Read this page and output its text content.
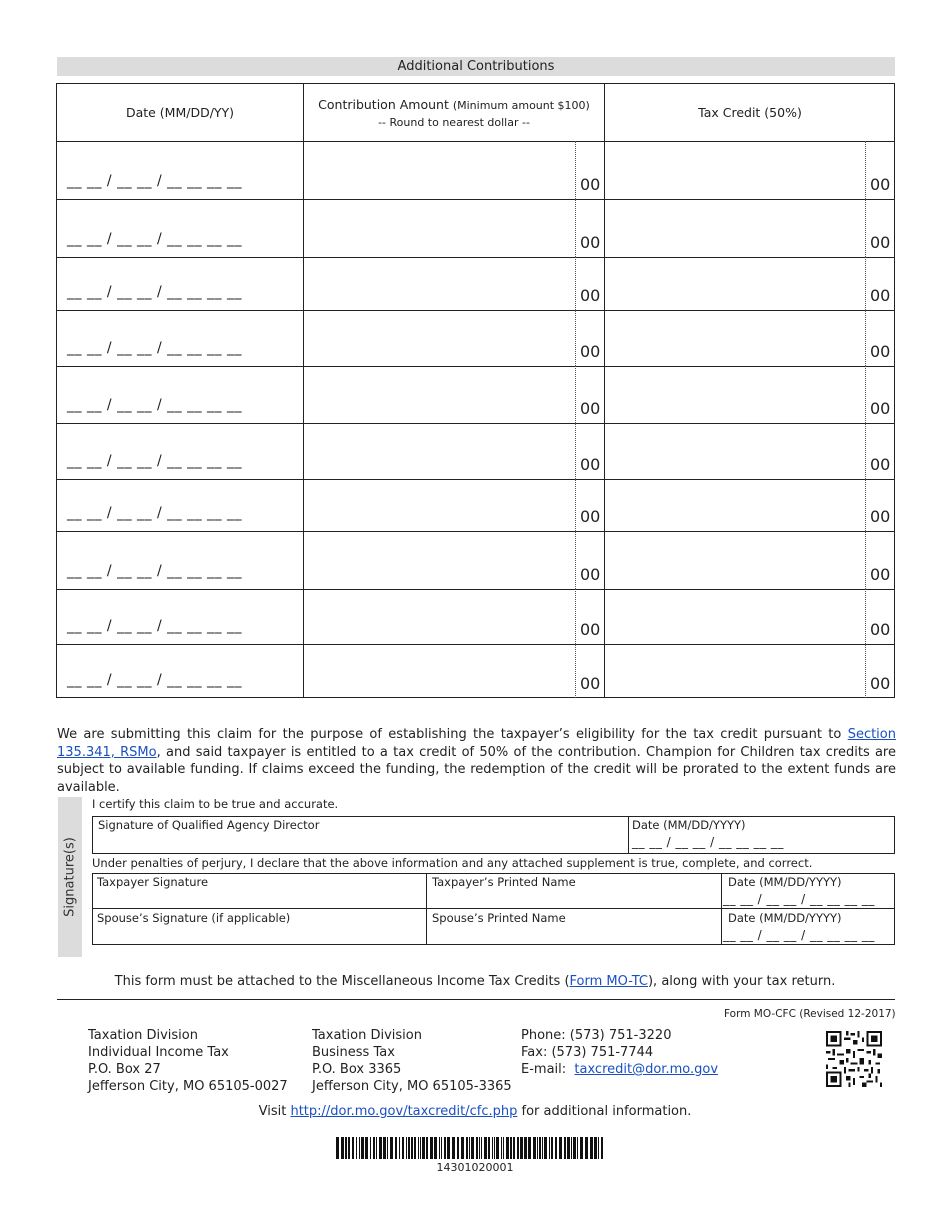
Additional Contributions
Date (MM/DD/YY)
Contribution Amount (Minimum amount $100)
-- Round to nearest dollar --
Tax Credit (50%)
__ __ / __ __ / __ __ __ __	00	00
__ __ / __ __ / __ __ __ __	00	00
__ __ / __ __ / __ __ __ __	00	00
__ __ / __ __ / __ __ __ __	00	00
__ __ / __ __ / __ __ __ __	00	00
__ __ / __ __ / __ __ __ __	00	00
__ __ / __ __ / __ __ __ __	00	00
__ __ / __ __ / __ __ __ __	00	00
__ __ / __ __ / __ __ __ __	00	00
__ __ / __ __ / __ __ __ __	00	00
We are submitting this claim for the purpose of establishing the taxpayer’s eligibility for the tax credit pursuant to Section 135.341, RSMo, and said taxpayer is entitled to a tax credit of 50% of the contribution. Champion for Children tax credits are subject to available funding. If claims exceed the funding, the redemption of the credit will be prorated to the extent funds are available.
Signature(s)
I certify this claim to be true and accurate.
Signature of Qualified Agency Director	Date (MM/DD/YYYY)
__ __ / __ __ / __ __ __ __
Under penalties of perjury, I declare that the above information and any attached supplement is true, complete, and correct.
Taxpayer Signature	Taxpayer’s Printed Name	Date (MM/DD/YYYY)
__ __ / __ __ / __ __ __ __
Spouse’s Signature (if applicable)	Spouse’s Printed Name	Date (MM/DD/YYYY)
__ __ / __ __ / __ __ __ __
This form must be attached to the Miscellaneous Income Tax Credits (Form MO-TC), along with your tax return.
Form MO-CFC (Revised 12-2017)
Taxation Division
Individual Income Tax
P.O. Box 27
Jefferson City, MO 65105-0027
Taxation Division
Business Tax
P.O. Box 3365
Jefferson City, MO 65105-3365
Phone: (573) 751-3220
Fax: (573) 751-7744
E-mail: taxcredit@dor.mo.gov
Visit http://dor.mo.gov/taxcredit/cfc.php for additional information.
14301020001
